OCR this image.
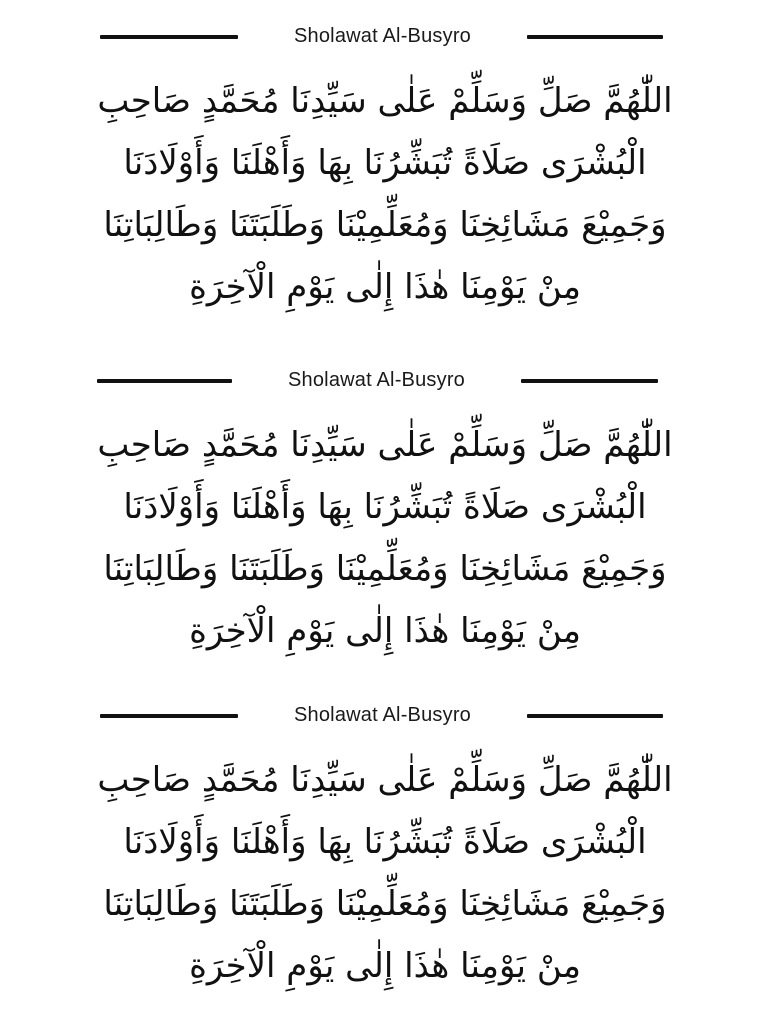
Sholawat Al-Busyro
اللّٰهُمَّ صَلِّ وَسَلِّمْ عَلٰى سَيِّدِنَا مُحَمَّدٍ صَاحِبِ
الْبُشْرَى صَلَاةً تُبَشِّرُنَا بِهَا وَأَهْلَنَا وَأَوْلَادَنَا
وَجَمِيْعَ مَشَائِخِنَا وَمُعَلِّمِيْنَا وَطَلَبَتَنَا وَطَالِبَاتِنَا
مِنْ يَوْمِنَا هٰذَا إِلٰى يَوْمِ الْآخِرَةِ
Sholawat Al-Busyro
اللّٰهُمَّ صَلِّ وَسَلِّمْ عَلٰى سَيِّدِنَا مُحَمَّدٍ صَاحِبِ
الْبُشْرَى صَلَاةً تُبَشِّرُنَا بِهَا وَأَهْلَنَا وَأَوْلَادَنَا
وَجَمِيْعَ مَشَائِخِنَا وَمُعَلِّمِيْنَا وَطَلَبَتَنَا وَطَالِبَاتِنَا
مِنْ يَوْمِنَا هٰذَا إِلٰى يَوْمِ الْآخِرَةِ
Sholawat Al-Busyro
اللّٰهُمَّ صَلِّ وَسَلِّمْ عَلٰى سَيِّدِنَا مُحَمَّدٍ صَاحِبِ
الْبُشْرَى صَلَاةً تُبَشِّرُنَا بِهَا وَأَهْلَنَا وَأَوْلَادَنَا
وَجَمِيْعَ مَشَائِخِنَا وَمُعَلِّمِيْنَا وَطَلَبَتَنَا وَطَالِبَاتِنَا
مِنْ يَوْمِنَا هٰذَا إِلٰى يَوْمِ الْآخِرَةِ
